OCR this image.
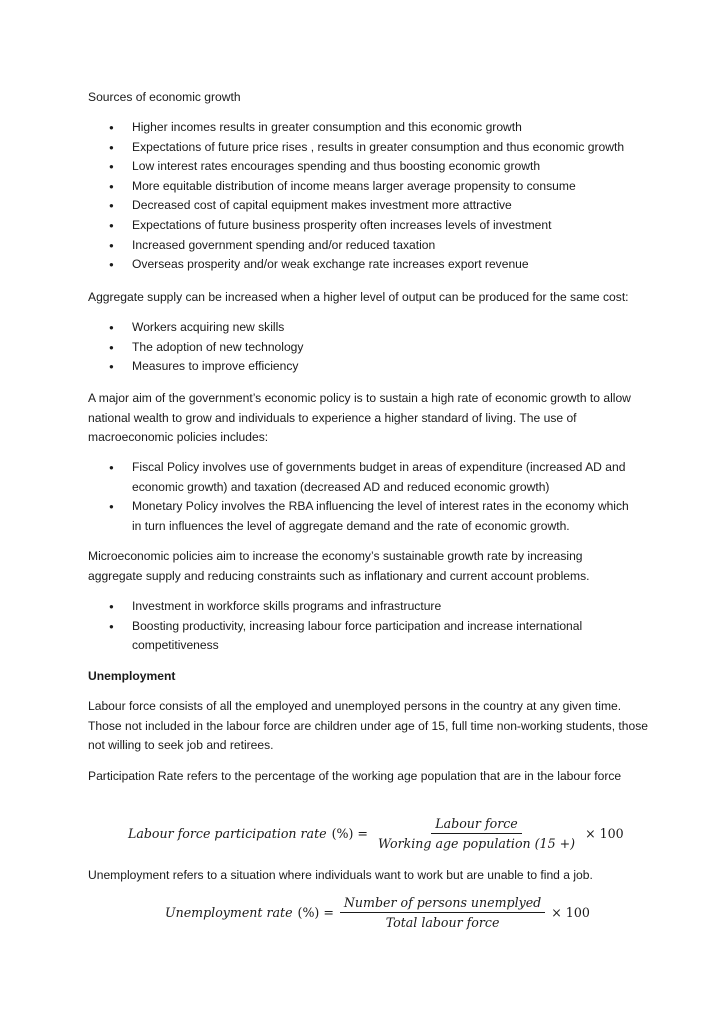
Sources of economic growth

● Higher incomes results in greater consumption and this economic growth
● Expectations of future price rises , results in greater consumption and thus economic growth
● Low interest rates encourages spending and thus boosting economic growth
● More equitable distribution of income means larger average propensity to consume
● Decreased cost of capital equipment makes investment more attractive
● Expectations of future business prosperity often increases levels of investment
● Increased government spending and/or reduced taxation
● Overseas prosperity and/or weak exchange rate increases export revenue

Aggregate supply can be increased when a higher level of output can be produced for the same cost:

● Workers acquiring new skills
● The adoption of new technology
● Measures to improve efficiency

A major aim of the government’s economic policy is to sustain a high rate of economic growth to allow national wealth to grow and individuals to experience a higher standard of living. The use of macroeconomic policies includes:

● Fiscal Policy involves use of governments budget in areas of expenditure (increased AD and economic growth) and taxation (decreased AD and reduced economic growth)
● Monetary Policy involves the RBA influencing the level of interest rates in the economy which in turn influences the level of aggregate demand and the rate of economic growth.

Microeconomic policies aim to increase the economy’s sustainable growth rate by increasing aggregate supply and reducing constraints such as inflationary and current account problems.

● Investment in workforce skills programs and infrastructure
● Boosting productivity, increasing labour force participation and increase international competitiveness

Unemployment

Labour force consists of all the employed and unemployed persons in the country at any given time. Those not included in the labour force are children under age of 15, full time non-working students, those not willing to seek job and retirees.

Participation Rate refers to the percentage of the working age population that are in the labour force

Unemployment refers to a situation where individuals want to work but are unable to find a job.

Labour force participation rate (%) = $\frac{\text{Labour force}}{\text{Working age population (15 +)}} \times 100$
Unemployment rate (%) = $\frac{\text{Number of persons unemplyed}}{\text{Total labour force}} \times 100$
